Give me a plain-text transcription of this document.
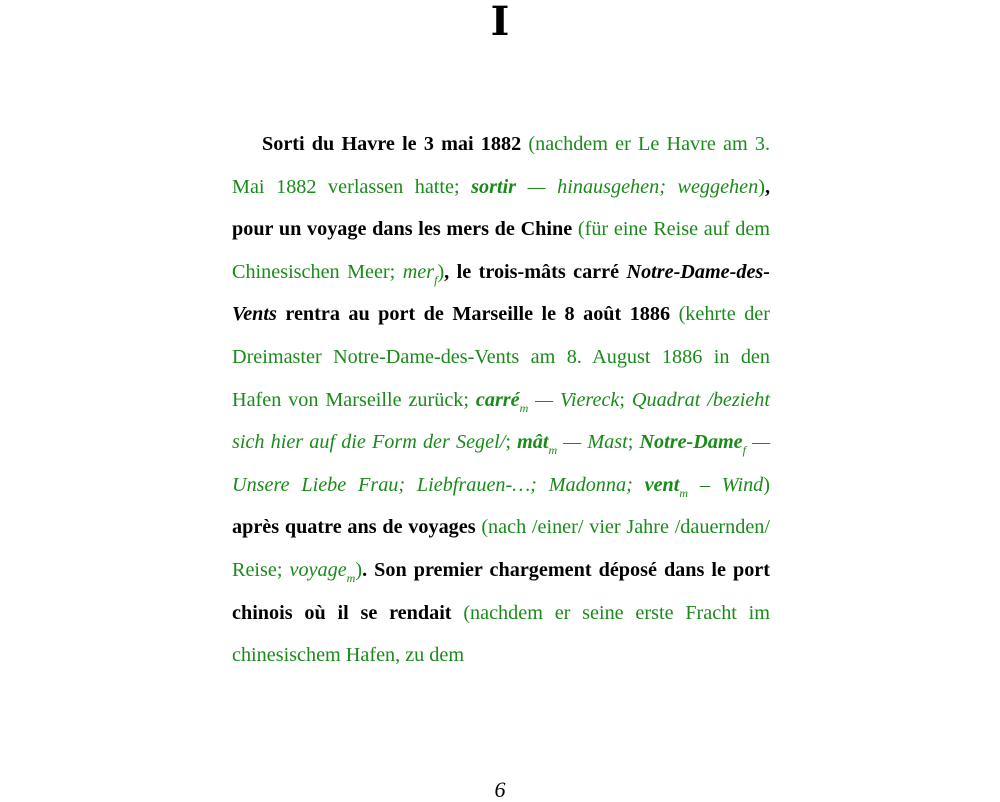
I

Sorti du Havre le 3 mai 1882 (nachdem er Le Havre am 3. Mai 1882 verlassen hatte; sortir — hinausgehen; weggehen), pour un voyage dans les mers de Chine (für eine Reise auf dem Chinesischen Meer; mer$_f$), le trois-mâts carré Notre-Dame-des-Vents rentra au port de Marseille le 8 août 1886 (kehrte der Dreimaster Notre-Dame-des-Vents am 8. August 1886 in den Hafen von Marseille zurück; carré$_m$ — Viereck; Quadrat /bezieht sich hier auf die Form der Segel/; mât$_m$ — Mast; Notre-Dame$_f$ — Unsere Liebe Frau; Liebfrauen-…; Madonna; vent$_m$ – Wind) après quatre ans de voyages (nach /einer/ vier Jahre /dauernden/ Reise; voyage$_m$). Son premier chargement déposé dans le port chinois où il se rendait (nachdem er seine erste Fracht im chinesischem Hafen, zu dem

6
